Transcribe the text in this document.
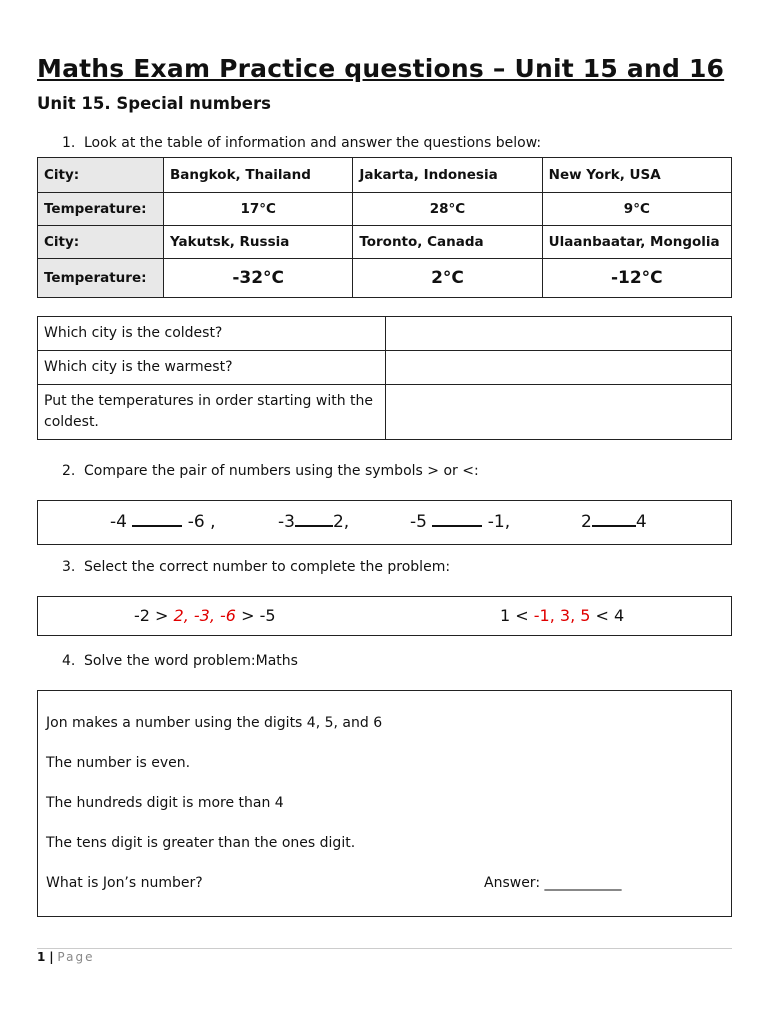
Maths Exam Practice questions – Unit 15 and 16
Unit 15. Special numbers
1. Look at the table of information and answer the questions below:
City:	Bangkok, Thailand	Jakarta, Indonesia	New York, USA
Temperature:	17°C	28°C	9°C
City:	Yakutsk, Russia	Toronto, Canada	Ulaanbaatar, Mongolia
Temperature:	-32°C	2°C	-12°C
Which city is the coldest?	
Which city is the warmest?	
Put the temperatures in order starting with the coldest.	
2. Compare the pair of numbers using the symbols > or <:
-4	-6 ,	-3 2,	-5	-1,	2	4
3. Select the correct number to complete the problem:
-2 > 2, -3, -6 > -5	1 < -1, 3, 5 < 4
4. Solve the word problem:Maths
Jon makes a number using the digits 4, 5, and 6
The number is even.
The hundreds digit is more than 4
The tens digit is greater than the ones digit.
What is Jon’s number?	Answer: ___________
1 | Page
